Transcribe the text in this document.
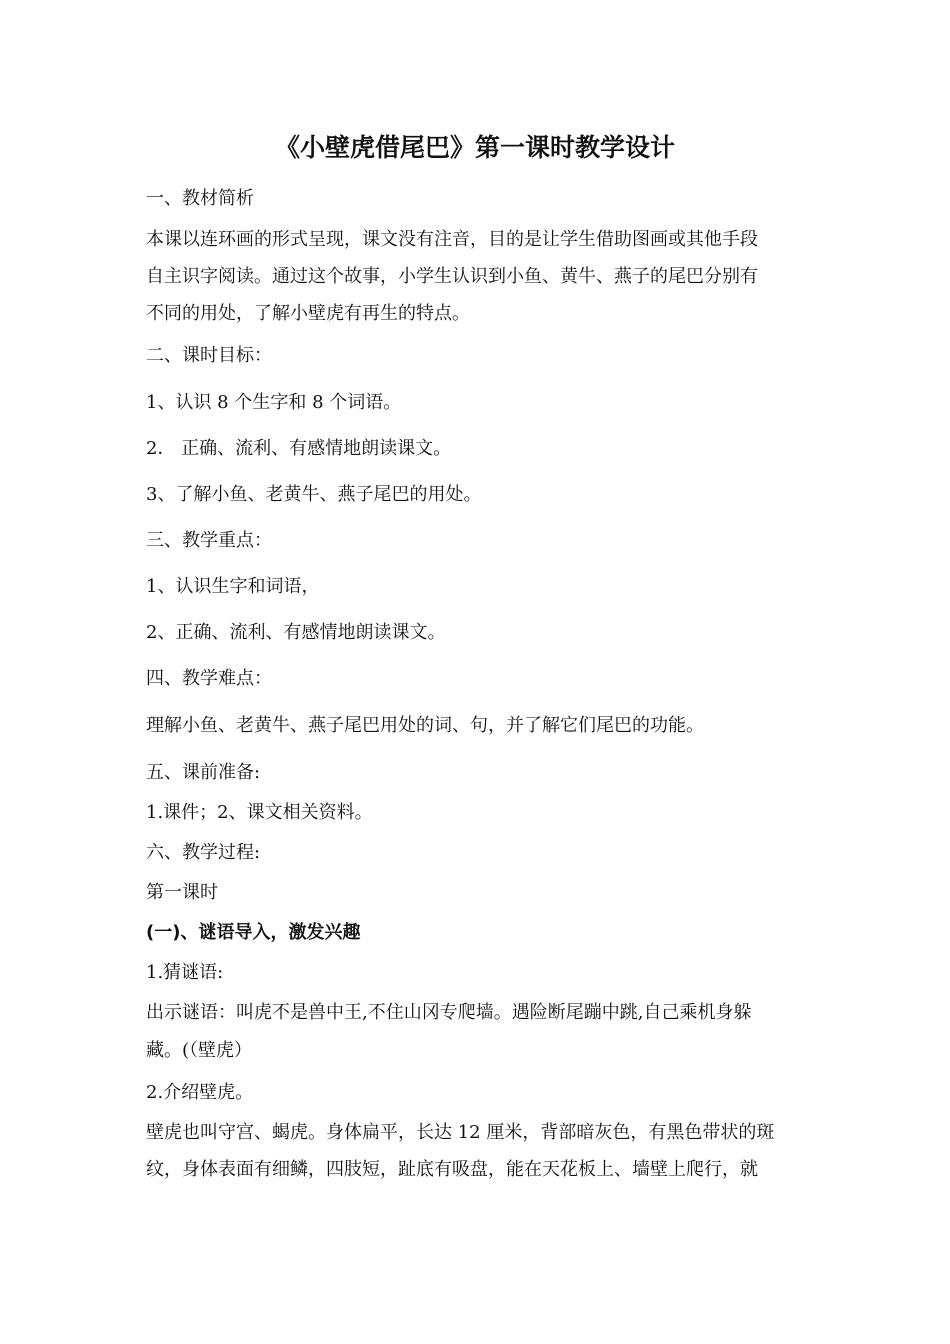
《小壁虎借尾巴》第一课时教学设计

一、教材简析

本课以连环画的形式呈现，课文没有注音，目的是让学生借助图画或其他手段

自主识字阅读。通过这个故事，小学生认识到小鱼、黄牛、燕子的尾巴分别有

不同的用处，了解小壁虎有再生的特点。

二、课时目标：

1、认识 8 个生字和 8 个词语。

2． 正确、流利、有感情地朗读课文。

3、了解小鱼、老黄牛、燕子尾巴的用处。

三、教学重点：

1、认识生字和词语，

2、正确、流利、有感情地朗读课文。

四、教学难点：

理解小鱼、老黄牛、燕子尾巴用处的词、句，并了解它们尾巴的功能。

五、课前准备:

1.课件；2、课文相关资料。

六、教学过程:

第一课时

(一)、谜语导入，激发兴趣

1.猜谜语:

出示谜语：叫虎不是兽中王,不住山冈专爬墙。遇险断尾蹦中跳,自己乘机身躲

藏。(（壁虎）

2.介绍壁虎。

壁虎也叫守宫、蝎虎。身体扁平，长达 12 厘米，背部暗灰色，有黑色带状的斑

纹，身体表面有细鳞，四肢短，趾底有吸盘，能在天花板上、墙壁上爬行，就
